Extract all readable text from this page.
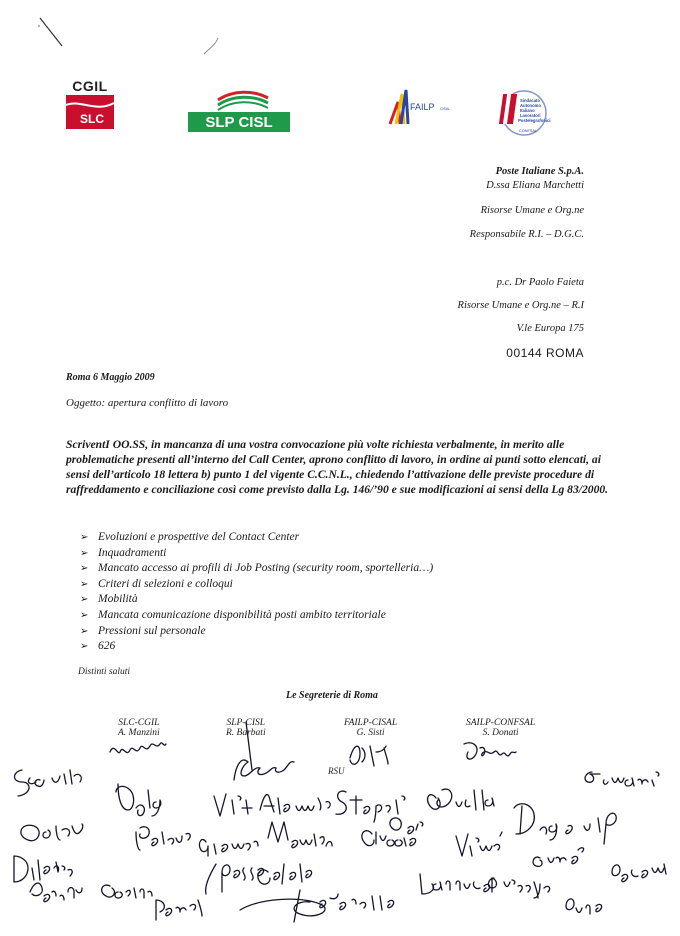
CGIL
SLC	SLP CISL
FAILP CISAL
Sindacato
Autonomo
Italiano
Lavoratori
Postelegrafonici
CONFSAL
Poste Italiane S.p.A.
D.ssa Eliana Marchetti
Risorse Umane e Org.ne
Responsabile R.I. – D.G.C.
p.c. Dr Paolo Faieta
Risorse Umane e Org.ne – R.I
V.le Europa 175
00144 ROMA
Roma 6 Maggio 2009
Oggetto: apertura conflitto di lavoro
ScriventI OO.SS, in mancanza di una vostra convocazione più volte richiesta verbalmente, in merito alle problematiche presenti all’interno del Call Center, aprono conflitto di lavoro, in ordine ai punti sotto elencati, ai sensi dell’articolo 18 lettera b) punto 1 del vigente C.C.N.L., chiedendo l’attivazione delle previste procedure di raffreddamento e conciliazione così come previsto dalla Lg. 146/’90 e sue modificazioni ai sensi della Lg 83/2000.
➢ Evoluzioni e prospettive del Contact Center
➢ Inquadramenti
➢ Mancato accesso ai profili di Job Posting (security room, sportelleria…)
➢ Criteri di selezioni e colloqui
➢ Mobilità
➢ Mancata comunicazione disponibilità posti ambito territoriale
➢ Pressioni sul personale
➢ 626
Distinti saluti
Le Segreterie di Roma
SLC-CGIL
A. Manzini
SLP-CISL
R. Barbati
FAILP-CISAL
G. Sisti
SAILP-CONFSAL
S. Donati
RSU
